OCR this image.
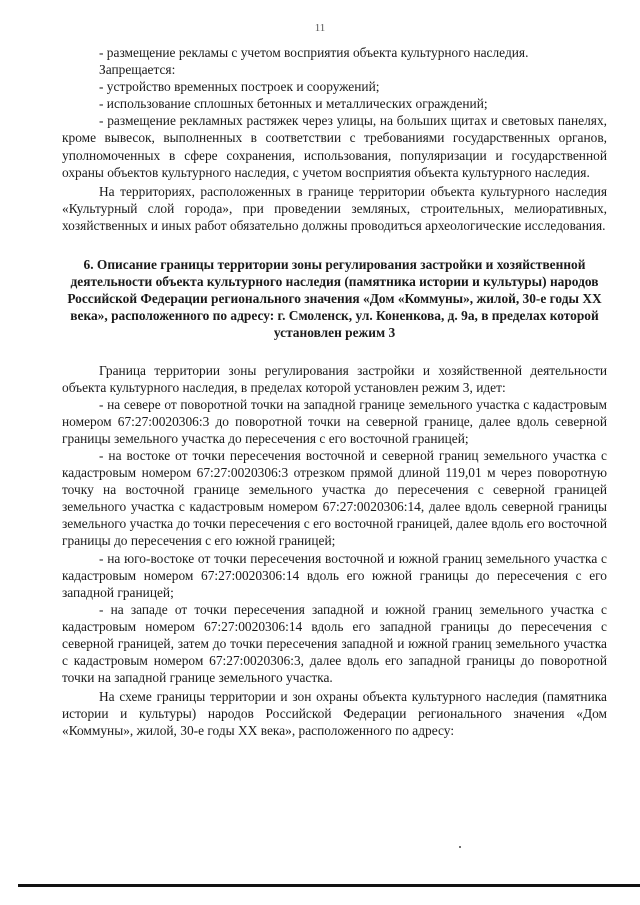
11

- размещение рекламы с учетом восприятия объекта культурного наследия.

Запрещается:

- устройство временных построек и сооружений;

- использование сплошных бетонных и металлических ограждений;

- размещение рекламных растяжек через улицы, на больших щитах и световых панелях, кроме вывесок, выполненных в соответствии с требованиями государственных органов, уполномоченных в сфере сохранения, использования, популяризации и государственной охраны объектов культурного наследия, с учетом восприятия объекта культурного наследия.

На территориях, расположенных в границе территории объекта культурного наследия «Культурный слой города», при проведении земляных, строительных, мелиоративных, хозяйственных и иных работ обязательно должны проводиться археологические исследования.

6. Описание границы территории зоны регулирования застройки и хозяйственной деятельности объекта культурного наследия (памятника истории и культуры) народов Российской Федерации регионального значения «Дом «Коммуны», жилой, 30-е годы XX века», расположенного по адресу: г. Смоленск, ул. Коненкова, д. 9а, в пределах которой установлен режим 3

Граница территории зоны регулирования застройки и хозяйственной деятельности объекта культурного наследия, в пределах которой установлен режим 3, идет:

- на севере от поворотной точки на западной границе земельного участка с кадастровым номером 67:27:0020306:3 до поворотной точки на северной границе, далее вдоль северной границы земельного участка до пересечения с его восточной границей;

- на востоке от точки пересечения восточной и северной границ земельного участка с кадастровым номером 67:27:0020306:3 отрезком прямой длиной 119,01 м через поворотную точку на восточной границе земельного участка до пересечения с северной границей земельного участка с кадастровым номером 67:27:0020306:14, далее вдоль северной границы земельного участка до точки пересечения с его восточной границей, далее вдоль его восточной границы до пересечения с его южной границей;

- на юго-востоке от точки пересечения восточной и южной границ земельного участка с кадастровым номером 67:27:0020306:14 вдоль его южной границы до пересечения с его западной границей;

- на западе от точки пересечения западной и южной границ земельного участка с кадастровым номером 67:27:0020306:14 вдоль его западной границы до пересечения с северной границей, затем до точки пересечения западной и южной границ земельного участка с кадастровым номером 67:27:0020306:3, далее вдоль его западной границы до поворотной точки на западной границе земельного участка.

На схеме границы территории и зон охраны объекта культурного наследия (памятника истории и культуры) народов Российской Федерации регионального значения «Дом «Коммуны», жилой, 30-е годы XX века», расположенного по адресу:
